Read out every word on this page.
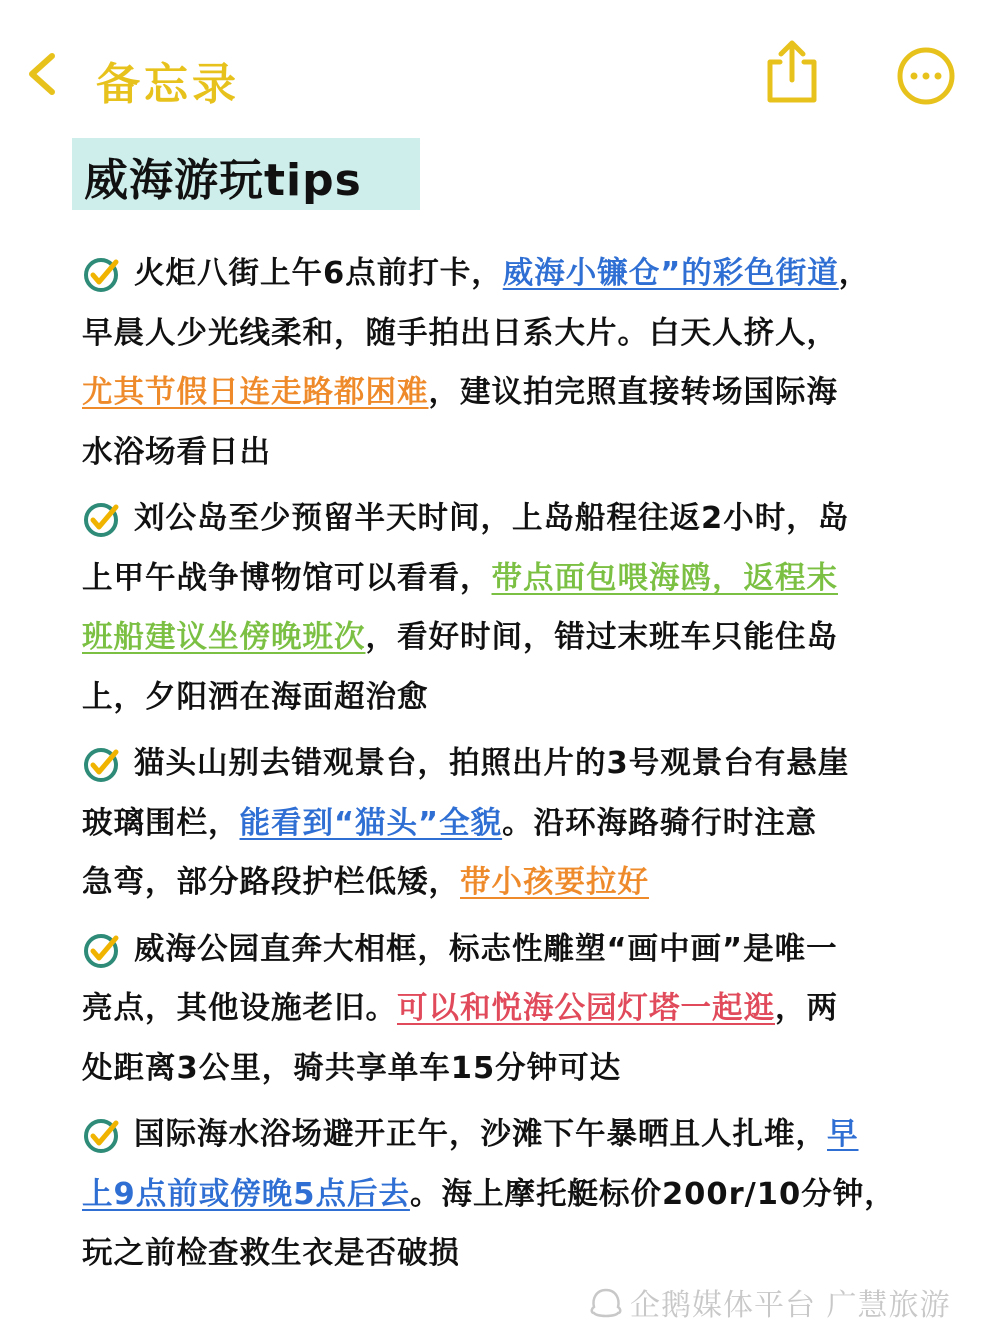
备忘录
威海游玩tips
火炬八街上午6点前打卡，威海小镰仓”的彩色街道，
早晨人少光线柔和，随手拍出日系大片。白天人挤人，
尤其节假日连走路都困难，建议拍完照直接转场国际海
水浴场看日出
刘公岛至少预留半天时间，上岛船程往返2小时，岛
上甲午战争博物馆可以看看，带点面包喂海鸥，返程末
班船建议坐傍晚班次，看好时间，错过末班车只能住岛
上，夕阳洒在海面超治愈
猫头山别去错观景台，拍照出片的3号观景台有悬崖
玻璃围栏，能看到“猫头”全貌。沿环海路骑行时注意
急弯，部分路段护栏低矮，带小孩要拉好
威海公园直奔大相框，标志性雕塑“画中画”是唯一
亮点，其他设施老旧。可以和悦海公园灯塔一起逛，两
处距离3公里，骑共享单车15分钟可达
国际海水浴场避开正午，沙滩下午暴晒且人扎堆，早
上9点前或傍晚5点后去。海上摩托艇标价200r/10分钟，
玩之前检查救生衣是否破损
企鹅媒体平台 广慧旅游
